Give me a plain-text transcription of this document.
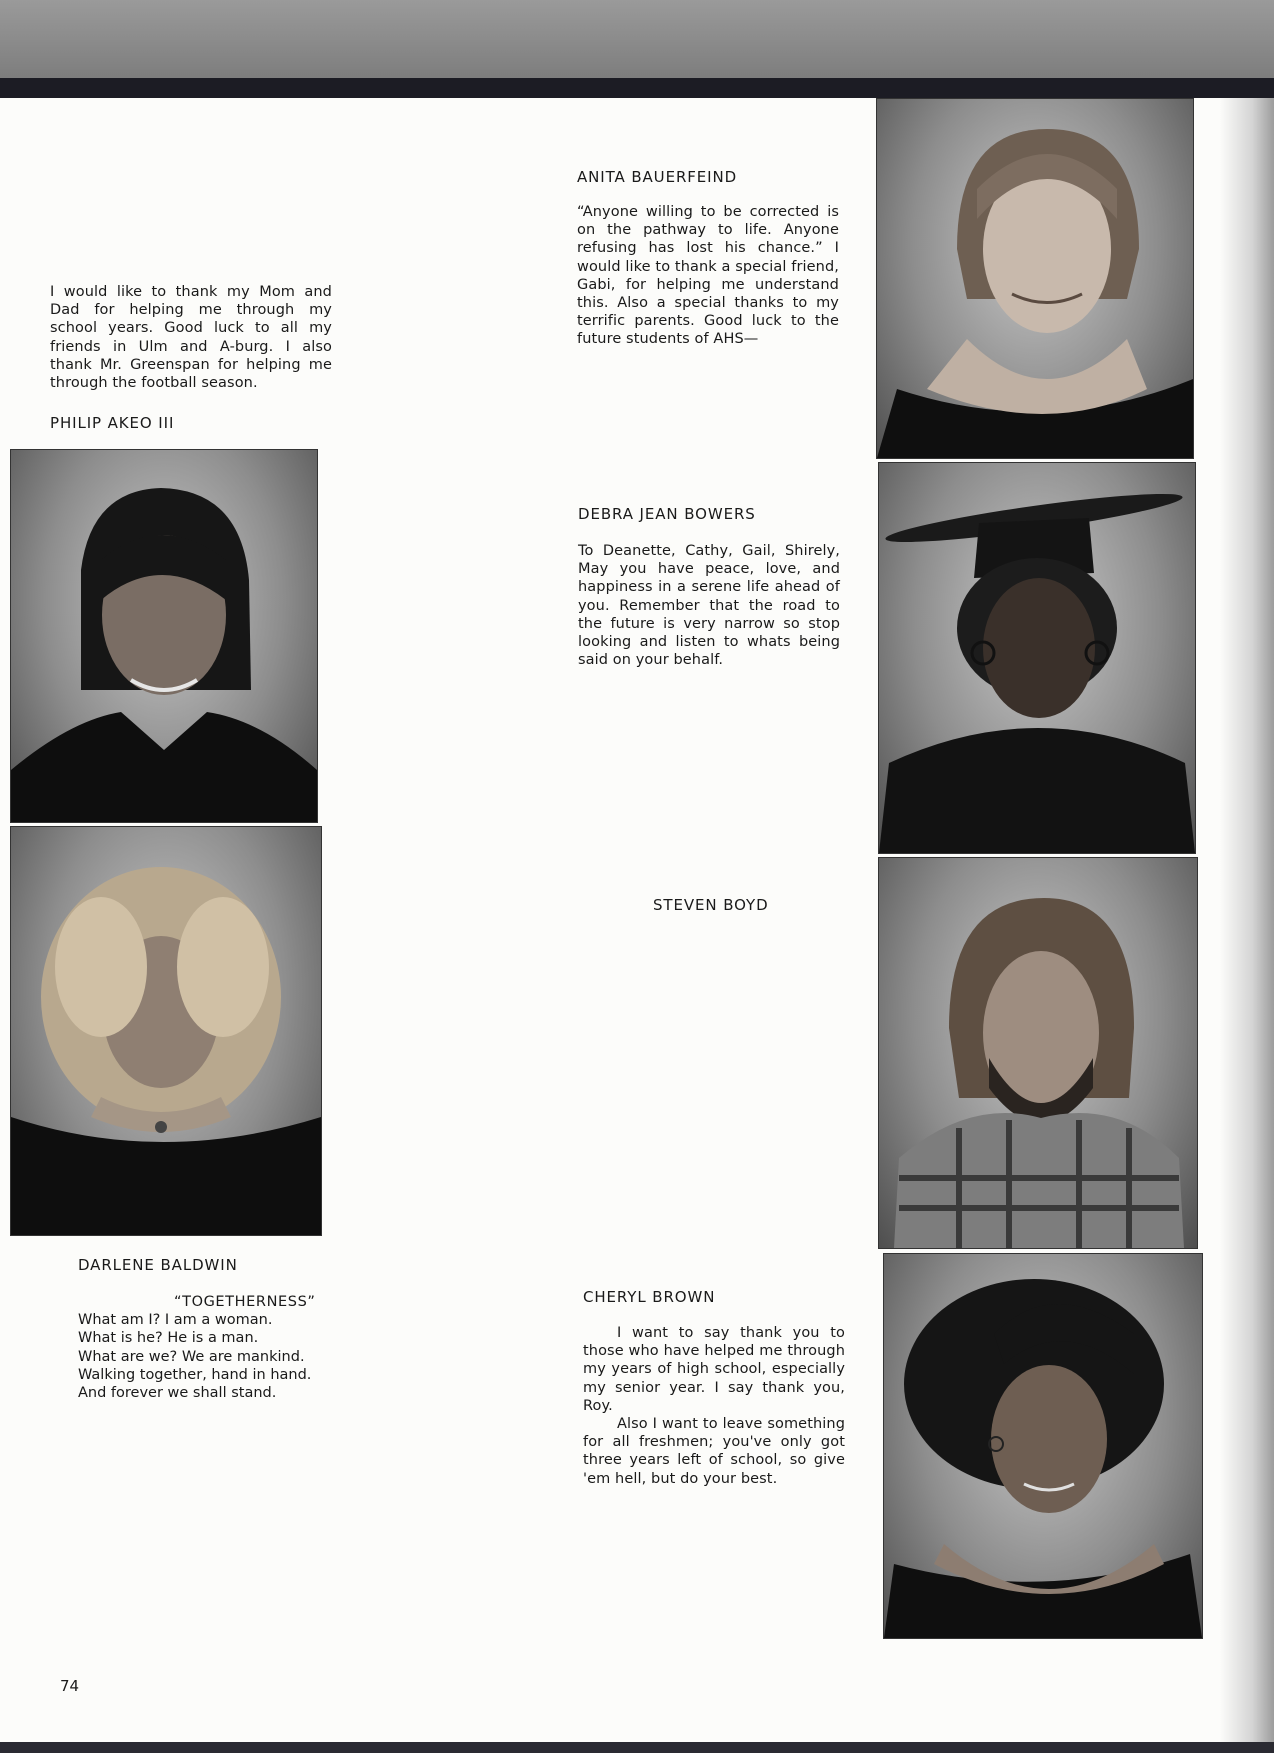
I would like to thank my Mom and Dad for helping me through my school years. Good luck to all my friends in Ulm and A-burg. I also thank Mr. Greenspan for helping me through the football season.
PHILIP AKEO III
DARLENE BALDWIN
“TOGETHERNESS”
What am I? I am a woman.
What is he? He is a man.
What are we? We are mankind.
Walking together, hand in hand.
And forever we shall stand.
74
ANITA BAUERFEIND
“Anyone willing to be corrected is on the pathway to life. Anyone refusing has lost his chance.” I would like to thank a special friend, Gabi, for helping me understand this. Also a special thanks to my terrific parents. Good luck to the future students of AHS—
DEBRA JEAN BOWERS
To Deanette, Cathy, Gail, Shirely, May you have peace, love, and happiness in a serene life ahead of you. Remember that the road to the future is very narrow so stop looking and listen to whats being said on your behalf.
STEVEN BOYD
CHERYL BROWN
I want to say thank you to those who have helped me through my years of high school, especially my senior year. I say thank you, Roy.
Also I want to leave something for all freshmen; you've only got three years left of school, so give 'em hell, but do your best.
